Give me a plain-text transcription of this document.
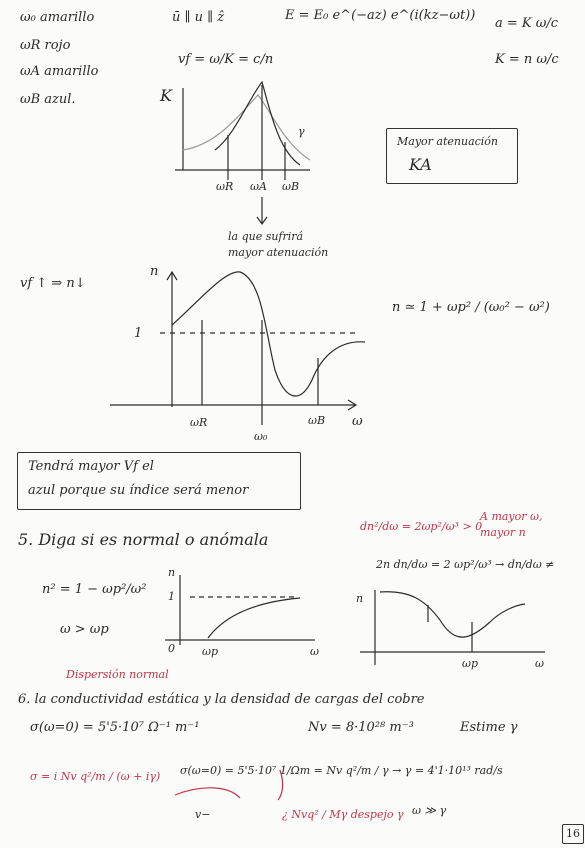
ω₀ amarillo
ωR rojo
ωA amarillo
ωB azul.
ū ∥ u ∥ ẑ	E = E₀ e^(−az) e^(i(kz−ωt))
a = K ω/c
K = n ω/c
vf = ω/K = c/n
K
ωR ωA ωB
γ
la que sufrirá
mayor atenuación
Mayor atenuación
KA
vf ↑ ⇒ n↓
n
1
ωR	ωB
ω₀
ω
n ≃ 1 + ωp² / (ω₀² − ω²)
Tendrá mayor Vf el
azul porque su índice será menor
5. Diga si es normal o anómala
n² = 1 − ωp²/ω²
ω > ωp
n
1
0 ωp	ω
Dispersión normal
dn²/dω = 2ωp²/ω³ > 0
A mayor ω,
mayor n
2n dn/dω = 2 ωp²/ω³ → dn/dω ≠
n
ωp	ω
6. la conductividad estática y la densidad de cargas del cobre
σ(ω=0) = 5'5·10⁷ Ω⁻¹ m⁻¹	Nv = 8·10²⁸ m⁻³	Estime γ
σ = i Nv q²/m / (ω + iγ) σ(ω=0) = 5'5·10⁷ 1/Ωm = Nv q²/m / γ → γ = 4'1·10¹³ rad/s
v−	¿ Nvq² / Mγ despejo γ ω ≫ γ
16
